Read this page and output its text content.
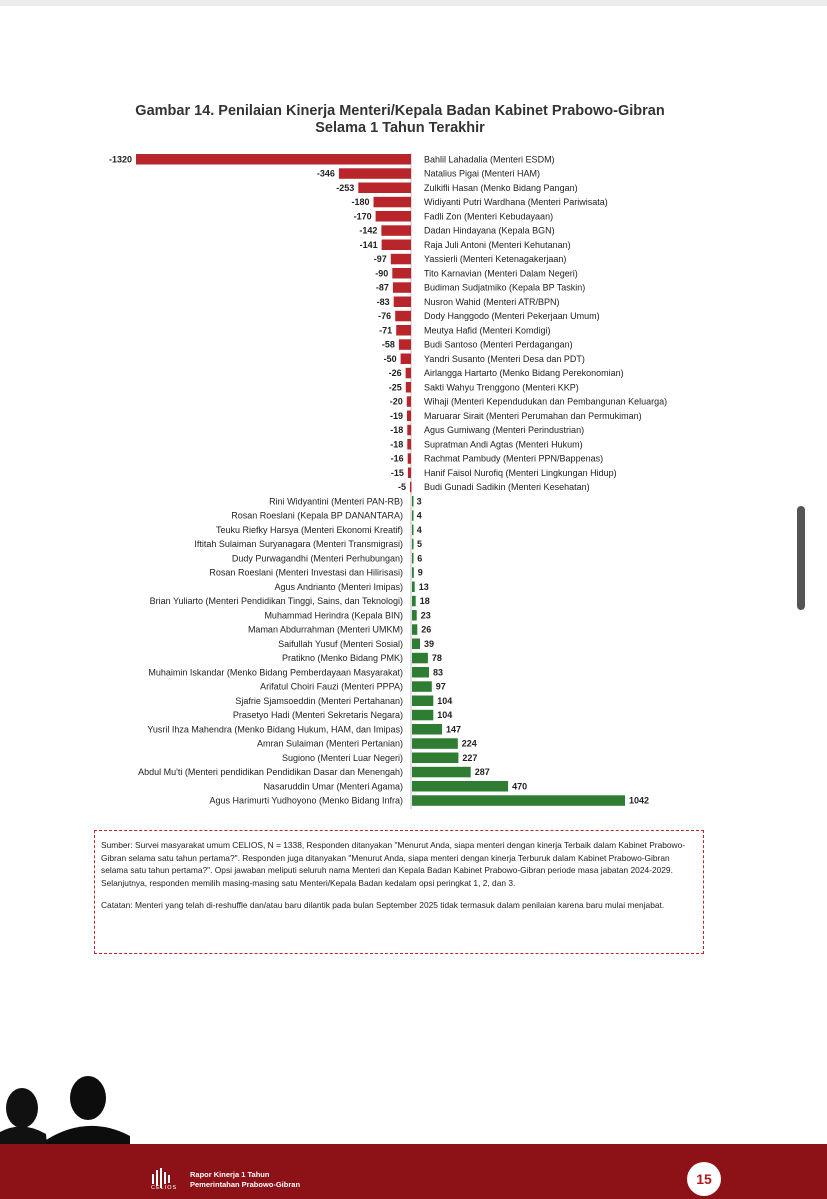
Gambar 14. Penilaian Kinerja Menteri/Kepala Badan Kabinet Prabowo-Gibran
Selama 1 Tahun Terakhir
Bahlil Lahadalia (Menteri ESDM)
-1320
Natalius Pigai (Menteri HAM)
-346
Zulkifli Hasan (Menko Bidang Pangan)
-253
Widiyanti Putri Wardhana (Menteri Pariwisata)
-180
Fadli Zon (Menteri Kebudayaan)
-170
Dadan Hindayana (Kepala BGN)
-142
Raja Juli Antoni (Menteri Kehutanan)
-141
Yassierli (Menteri Ketenagakerjaan)
-97
Tito Karnavian (Menteri Dalam Negeri)
-90
Budiman Sudjatmiko (Kepala BP Taskin)
-87
Nusron Wahid (Menteri ATR/BPN)
-83
Dody Hanggodo (Menteri Pekerjaan Umum)
-76
Meutya Hafid (Menteri Komdigi)
-71
Budi Santoso (Menteri Perdagangan)
-58
Yandri Susanto (Menteri Desa dan PDT)
-50
Airlangga Hartarto (Menko Bidang Perekonomian)
-26
Sakti Wahyu Trenggono (Menteri KKP)
-25
Wihaji (Menteri Kependudukan dan Pembangunan Keluarga)
-20
Maruarar Sirait (Menteri Perumahan dan Permukiman)
-19
Agus Gumiwang (Menteri Perindustrian)
-18
Supratman Andi Agtas (Menteri Hukum)
-18
Rachmat Pambudy (Menteri PPN/Bappenas)
-16
Hanif Faisol Nurofiq (Menteri Lingkungan Hidup)
-15
Budi Gunadi Sadikin (Menteri Kesehatan)
-5
Rini Widyantini (Menteri PAN-RB) 3
Rosan Roeslani (Kepala BP DANANTARA) 4
Teuku Riefky Harsya (Menteri Ekonomi Kreatif) 4
Iftitah Sulaiman Suryanagara (Menteri Transmigrasi) 5
Dudy Purwagandhi (Menteri Perhubungan) 6
Rosan Roeslani (Menteri Investasi dan Hilirisasi) 9
Agus Andrianto (Menteri Imipas) 13
Brian Yuliarto (Menteri Pendidikan Tinggi, Sains, dan Teknologi) 18
Muhammad Herindra (Kepala BIN) 23
Maman Abdurrahman (Menteri UMKM) 26
Saifullah Yusuf (Menteri Sosial) 39
Pratikno (Menko Bidang PMK)	78
Muhaimin Iskandar (Menko Bidang Pemberdayaan Masyarakat)	83
Arifatul Choiri Fauzi (Menteri PPPA)	97
Sjafrie Sjamsoeddin (Menteri Pertahanan)	104
Prasetyo Hadi (Menteri Sekretaris Negara)	104
Yusril Ihza Mahendra (Menko Bidang Hukum, HAM, dan Imipas)	147
Amran Sulaiman (Menteri Pertanian)	224
Sugiono (Menteri Luar Negeri)	227
Abdul Mu'ti (Menteri pendidikan Pendidikan Dasar dan Menengah)	287
Nasaruddin Umar (Menteri Agama)	470
Agus Harimurti Yudhoyono (Menko Bidang Infra)	1042

Sumber: Survei masyarakat umum CELIOS, N = 1338, Responden ditanyakan "Menurut Anda, siapa menteri dengan kinerja Terbaik dalam Kabinet Prabowo-Gibran selama satu tahun pertama?". Responden juga ditanyakan "Menurut Anda, siapa menteri dengan kinerja Terburuk dalam Kabinet Prabowo-Gibran selama satu tahun pertama?". Opsi jawaban meliputi seluruh nama Menteri dan Kepala Badan Kabinet Prabowo-Gibran periode masa jabatan 2024-2029. Selanjutnya, responden memilih masing-masing satu Menteri/Kepala Badan kedalam opsi peringkat 1, 2, dan 3.

Catatan: Menteri yang telah di-reshuffle dan/atau baru dilantik pada bulan September 2025 tidak termasuk dalam penilaian karena baru mulai menjabat.

CELIOS
Rapor Kinerja 1 Tahun
Pemerintahan Prabowo-Gibran	15
